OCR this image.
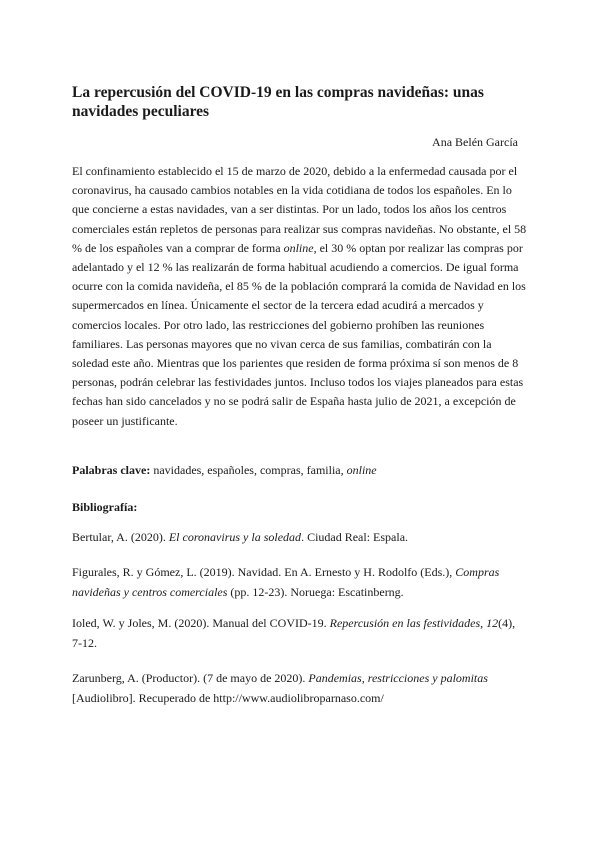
La repercusión del COVID-19 en las compras navideñas: unas navidades peculiares
Ana Belén García

El confinamiento establecido el 15 de marzo de 2020, debido a la enfermedad causada por el coronavirus, ha causado cambios notables en la vida cotidiana de todos los españoles. En lo que concierne a estas navidades, van a ser distintas. Por un lado, todos los años los centros comerciales están repletos de personas para realizar sus compras navideñas. No obstante, el 58 % de los españoles van a comprar de forma online, el 30 % optan por realizar las compras por adelantado y el 12 % las realizarán de forma habitual acudiendo a comercios. De igual forma ocurre con la comida navideña, el 85 % de la población comprará la comida de Navidad en los supermercados en línea. Únicamente el sector de la tercera edad acudirá a mercados y comercios locales. Por otro lado, las restricciones del gobierno prohíben las reuniones familiares. Las personas mayores que no vivan cerca de sus familias, combatirán con la soledad este año. Mientras que los parientes que residen de forma próxima sí son menos de 8 personas, podrán celebrar las festividades juntos. Incluso todos los viajes planeados para estas fechas han sido cancelados y no se podrá salir de España hasta julio de 2021, a excepción de poseer un justificante.

Palabras clave: navidades, españoles, compras, familia, online
Bibliografía:
Bertular, A. (2020). El coronavirus y la soledad. Ciudad Real: Espala.
Figurales, R. y Gómez, L. (2019). Navidad. En A. Ernesto y H. Rodolfo (Eds.), Compras navideñas y centros comerciales (pp. 12-23). Noruega: Escatinberng.
Ioled, W. y Joles, M. (2020). Manual del COVID-19. Repercusión en las festividades, 12(4), 7-12.
Zarunberg, A. (Productor). (7 de mayo de 2020). Pandemias, restricciones y palomitas [Audiolibro]. Recuperado de http://www.audiolibroparnaso.com/
